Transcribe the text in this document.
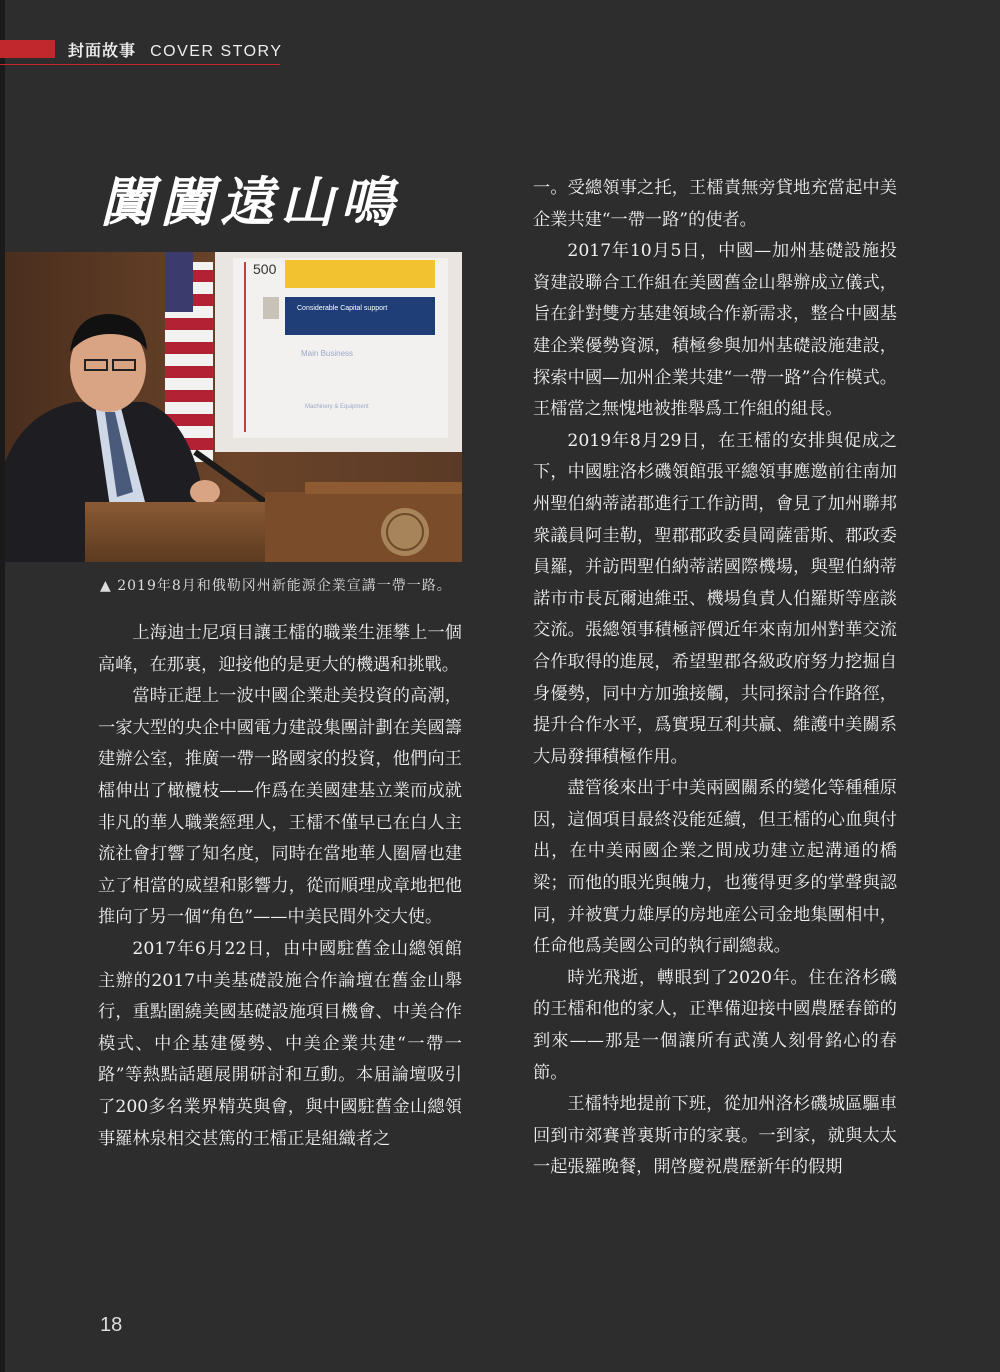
封面故事 COVER STORY
闐闐遠山鳴
500
Considerable Capital support
Main Business
Machinery & Equipment
▲ 2019年8月和俄勒冈州新能源企業宣講一帶一路。

上海迪士尼項目讓王檑的職業生涯攀上一個高峰，在那裏，迎接他的是更大的機遇和挑戰。

當時正趕上一波中國企業赴美投資的高潮，一家大型的央企中國電力建設集團計劃在美國籌建辦公室，推廣一帶一路國家的投資，他們向王檑伸出了橄欖枝——作爲在美國建基立業而成就非凡的華人職業經理人，王檑不僅早已在白人主流社會打響了知名度，同時在當地華人圈層也建立了相當的威望和影響力，從而順理成章地把他推向了另一個“角色”——中美民間外交大使。

2017年6月22日，由中國駐舊金山總領館主辦的2017中美基礎設施合作論壇在舊金山舉行，重點圍繞美國基礎設施項目機會、中美合作模式、中企基建優勢、中美企業共建“一帶一路”等熱點話題展開研討和互動。本届論壇吸引了200多名業界精英與會，與中國駐舊金山總領事羅林泉相交甚篤的王檑正是組織者之

一。受總領事之托，王檑責無旁貸地充當起中美企業共建“一帶一路”的使者。

2017年10月5日，中國—加州基礎設施投資建設聯合工作組在美國舊金山舉辦成立儀式，旨在針對雙方基建領域合作新需求，整合中國基建企業優勢資源，積極參與加州基礎設施建設，探索中國—加州企業共建“一帶一路”合作模式。王檑當之無愧地被推舉爲工作組的組長。

2019年8月29日，在王檑的安排與促成之下，中國駐洛杉磯領館張平總領事應邀前往南加州聖伯納蒂諾郡進行工作訪問，會見了加州聯邦衆議員阿圭勒，聖郡郡政委員岡薩雷斯、郡政委員羅，并訪問聖伯納蒂諾國際機場，與聖伯納蒂諾市市長瓦爾迪維亞、機場負責人伯羅斯等座談交流。張總領事積極評價近年來南加州對華交流合作取得的進展，希望聖郡各級政府努力挖掘自身優勢，同中方加強接觸，共同探討合作路徑，提升合作水平，爲實現互利共赢、維護中美關系大局發揮積極作用。

盡管後來出于中美兩國關系的變化等種種原因，這個項目最終没能延續，但王檑的心血與付出，在中美兩國企業之間成功建立起溝通的橋梁；而他的眼光與魄力，也獲得更多的掌聲與認同，并被實力雄厚的房地産公司金地集團相中，任命他爲美國公司的執行副總裁。

時光飛逝，轉眼到了2020年。住在洛杉磯的王檑和他的家人，正準備迎接中國農歷春節的到來——那是一個讓所有武漢人刻骨銘心的春節。

王檑特地提前下班，從加州洛杉磯城區驅車回到市郊賽普裏斯市的家裏。一到家，就與太太一起張羅晚餐，開啓慶祝農歷新年的假期

18
